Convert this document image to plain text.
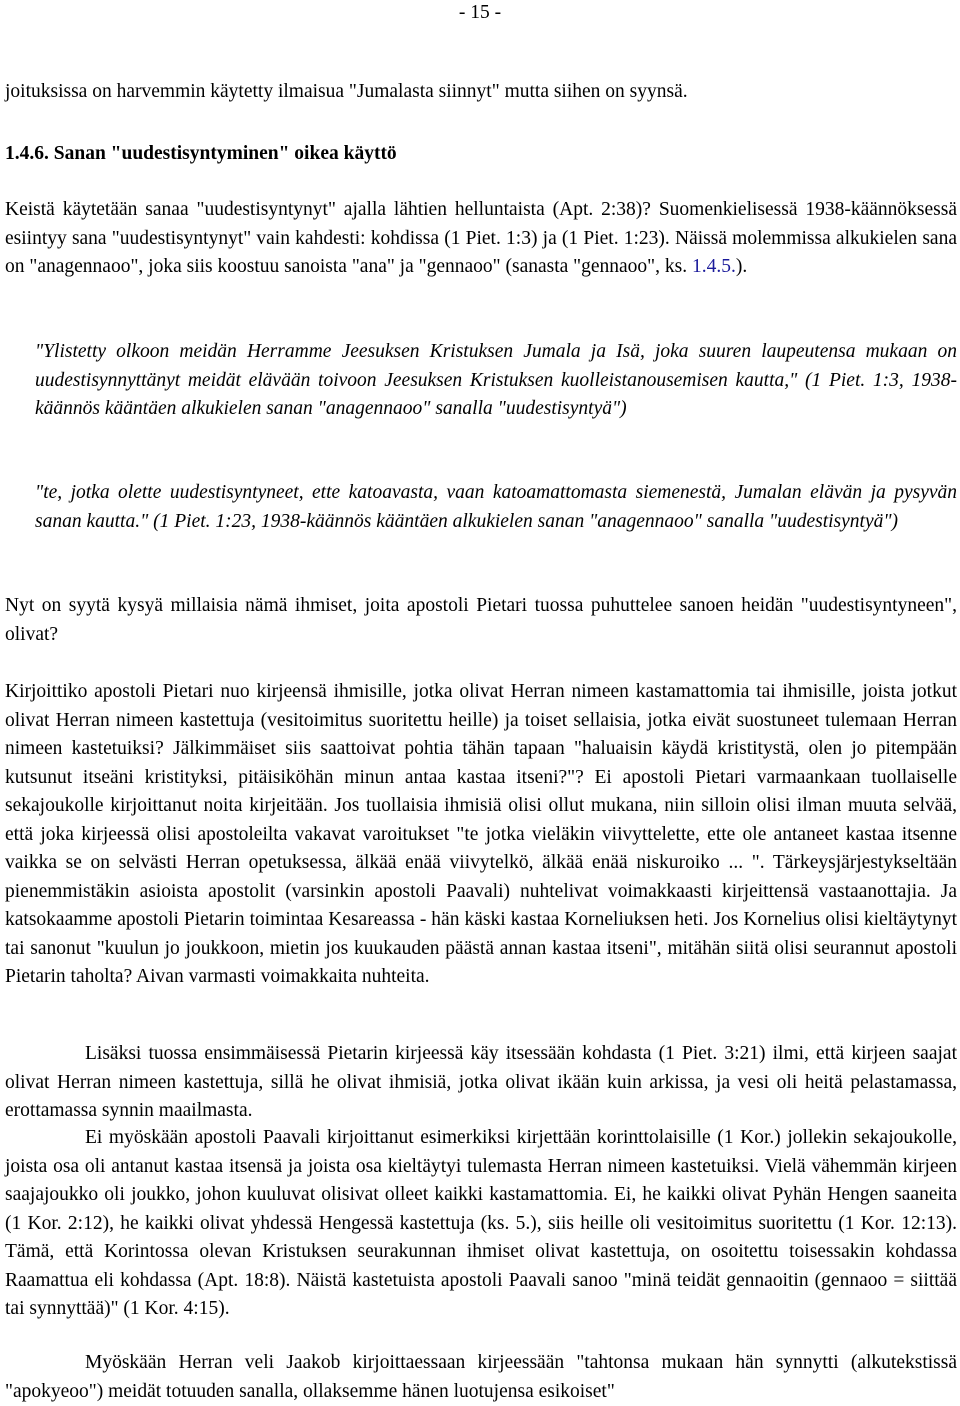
- 15 -
joituksissa on harvemmin käytetty ilmaisua "Jumalasta siinnyt" mutta siihen on syynsä.
1.4.6. Sanan "uudestisyntyminen" oikea käyttö
Keistä käytetään sanaa "uudestisyntynyt" ajalla lähtien helluntaista (Apt. 2:38)? Suomenkielisessä 1938-käännöksessä esiintyy sana "uudestisyntynyt" vain kahdesti: kohdissa (1 Piet. 1:3) ja (1 Piet. 1:23). Näissä molemmissa alkukielen sana on "anagennaoo", joka siis koostuu sanoista "ana" ja "gennaoo" (sanasta "gennaoo", ks. 1.4.5.).
"Ylistetty olkoon meidän Herramme Jeesuksen Kristuksen Jumala ja Isä, joka suuren laupeutensa mukaan on uudestisynnyttänyt meidät elävään toivoon Jeesuksen Kristuksen kuolleistanousemisen kautta," (1 Piet. 1:3, 1938-käännös kääntäen alkukielen sanan "anagennaoo" sanalla "uudestisyntyä")
"te, jotka olette uudestisyntyneet, ette katoavasta, vaan katoamattomasta siemenestä, Jumalan elävän ja pysyvän sanan kautta." (1 Piet. 1:23, 1938-käännös kääntäen alkukielen sanan "anagennaoo" sanalla "uudestisyntyä")
Nyt on syytä kysyä millaisia nämä ihmiset, joita apostoli Pietari tuossa puhuttelee sanoen heidän "uudestisyntyneen", olivat?
Kirjoittiko apostoli Pietari nuo kirjeensä ihmisille, jotka olivat Herran nimeen kastamattomia tai ihmisille, joista jotkut olivat Herran nimeen kastettuja (vesitoimitus suoritettu heille) ja toiset sellaisia, jotka eivät suostuneet tulemaan Herran nimeen kastetuiksi? Jälkimmäiset siis saattoivat pohtia tähän tapaan "haluaisin käydä kristitystä, olen jo pitempään kutsunut itseäni kristityksi, pitäisiköhän minun antaa kastaa itseni?"? Ei apostoli Pietari varmaankaan tuollaiselle sekajoukolle kirjoittanut noita kirjeitään. Jos tuollaisia ihmisiä olisi ollut mukana, niin silloin olisi ilman muuta selvää, että joka kirjeessä olisi apostoleilta vakavat varoitukset "te jotka vieläkin viivyttelette, ette ole antaneet kastaa itsenne vaikka se on selvästi Herran opetuksessa, älkää enää viivytelkö, älkää enää niskuroiko ... ". Tärkeysjärjestykseltään pienemmistäkin asioista apostolit (varsinkin apostoli Paavali) nuhtelivat voimakkaasti kirjeittensä vastaanottajia. Ja katsokaamme apostoli Pietarin toimintaa Kesareassa - hän käski kastaa Korneliuksen heti. Jos Kornelius olisi kieltäytynyt tai sanonut "kuulun jo joukkoon, mietin jos kuukauden päästä annan kastaa itseni", mitähän siitä olisi seurannut apostoli Pietarin taholta? Aivan varmasti voimakkaita nuhteita.
Lisäksi tuossa ensimmäisessä Pietarin kirjeessä käy itsessään kohdasta (1 Piet. 3:21) ilmi, että kirjeen saajat olivat Herran nimeen kastettuja, sillä he olivat ihmisiä, jotka olivat ikään kuin arkissa, ja vesi oli heitä pelastamassa, erottamassa synnin maailmasta.
Ei myöskään apostoli Paavali kirjoittanut esimerkiksi kirjettään korinttolaisille (1 Kor.) jollekin sekajoukolle, joista osa oli antanut kastaa itsensä ja joista osa kieltäytyi tulemasta Herran nimeen kastetuiksi. Vielä vähemmän kirjeen saajajoukko oli joukko, johon kuuluvat olisivat olleet kaikki kastamattomia. Ei, he kaikki olivat Pyhän Hengen saaneita (1 Kor. 2:12), he kaikki olivat yhdessä Hengessä kastettuja (ks. 5.), siis heille oli vesitoimitus suoritettu (1 Kor. 12:13). Tämä, että Korintossa olevan Kristuksen seurakunnan ihmiset olivat kastettuja, on osoitettu toisessakin kohdassa Raamattua eli kohdassa (Apt. 18:8). Näistä kastetuista apostoli Paavali sanoo "minä teidät gennaoitin (gennaoo = siittää tai synnyttää)" (1 Kor. 4:15).
Myöskään Herran veli Jaakob kirjoittaessaan kirjeessään "tahtonsa mukaan hän synnytti (alkutekstissä "apokyeoo") meidät totuuden sanalla, ollaksemme hänen luotujensa esikoiset"
